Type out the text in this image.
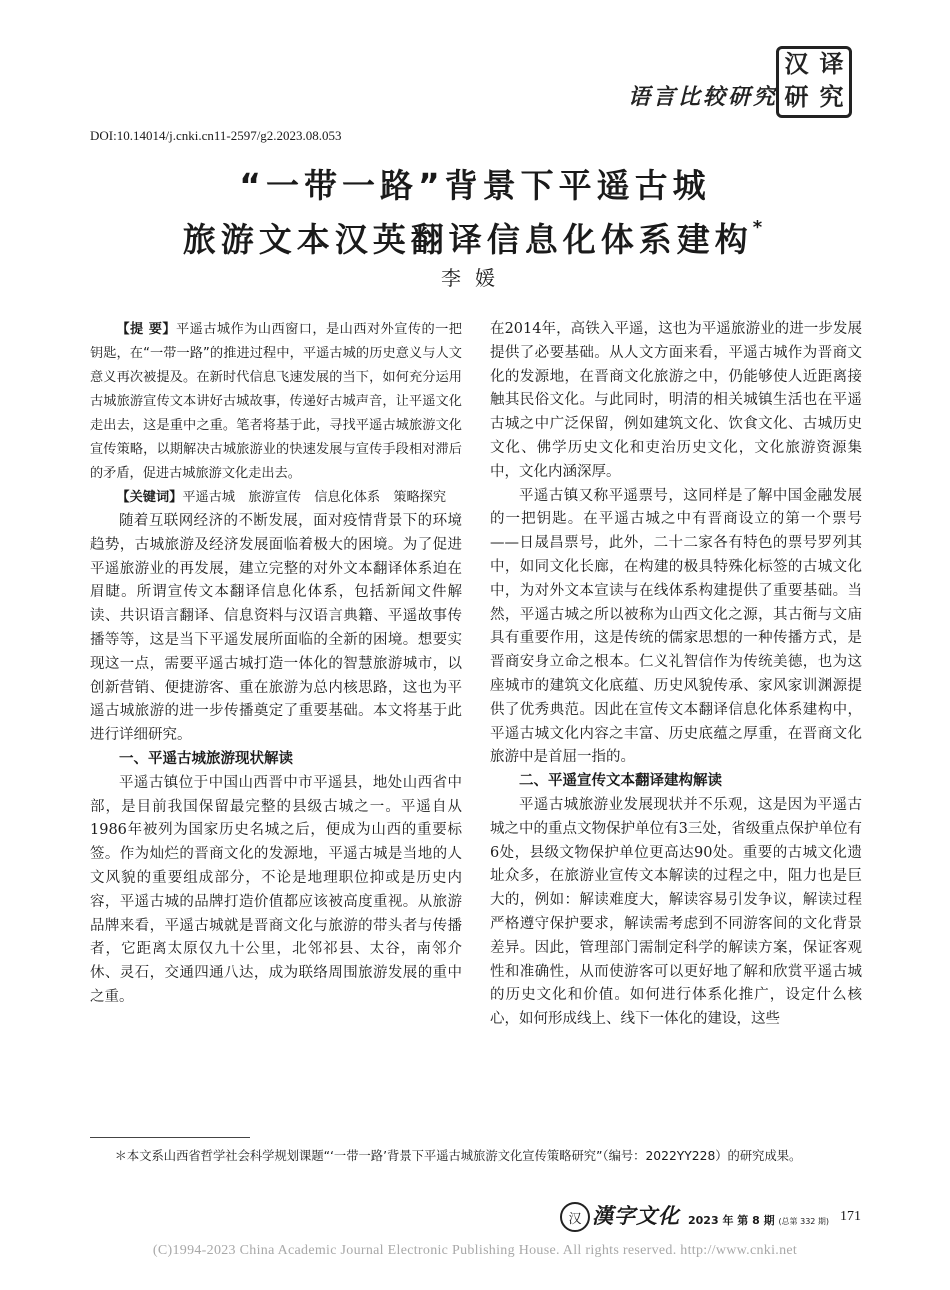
语言比较研究
汉 译
研 究
DOI:10.14014/j.cnki.cn11-2597/g2.2023.08.053
“一带一路”背景下平遥古城
旅游文本汉英翻译信息化体系建构*
李媛

【提 要】平遥古城作为山西窗口，是山西对外宣传的一把钥匙，在“一带一路”的推进过程中，平遥古城的历史意义与人文意义再次被提及。在新时代信息飞速发展的当下，如何充分运用古城旅游宣传文本讲好古城故事，传递好古城声音，让平遥文化走出去，这是重中之重。笔者将基于此，寻找平遥古城旅游文化宣传策略，以期解决古城旅游业的快速发展与宣传手段相对滞后的矛盾，促进古城旅游文化走出去。

【关键词】平遥古城　旅游宣传　信息化体系　策略探究

随着互联网经济的不断发展，面对疫情背景下的环境趋势，古城旅游及经济发展面临着极大的困境。为了促进平遥旅游业的再发展，建立完整的对外文本翻译体系迫在眉睫。所谓宣传文本翻译信息化体系，包括新闻文件解读、共识语言翻译、信息资料与汉语言典籍、平遥故事传播等等，这是当下平遥发展所面临的全新的困境。想要实现这一点，需要平遥古城打造一体化的智慧旅游城市，以创新营销、便捷游客、重在旅游为总内核思路，这也为平遥古城旅游的进一步传播奠定了重要基础。本文将基于此进行详细研究。

一、平遥古城旅游现状解读

平遥古镇位于中国山西晋中市平遥县，地处山西省中部，是目前我国保留最完整的县级古城之一。平遥自从1986年被列为国家历史名城之后，便成为山西的重要标签。作为灿烂的晋商文化的发源地，平遥古城是当地的人文风貌的重要组成部分，不论是地理职位抑或是历史内容，平遥古城的品牌打造价值都应该被高度重视。从旅游品牌来看，平遥古城就是晋商文化与旅游的带头者与传播者，它距离太原仅九十公里，北邻祁县、太谷，南邻介休、灵石，交通四通八达，成为联络周围旅游发展的重中之重。

在2014年，高铁入平遥，这也为平遥旅游业的进一步发展提供了必要基础。从人文方面来看，平遥古城作为晋商文化的发源地，在晋商文化旅游之中，仍能够使人近距离接触其民俗文化。与此同时，明清的相关城镇生活也在平遥古城之中广泛保留，例如建筑文化、饮食文化、古城历史文化、佛学历史文化和吏治历史文化，文化旅游资源集中，文化内涵深厚。

平遥古镇又称平遥票号，这同样是了解中国金融发展的一把钥匙。在平遥古城之中有晋商设立的第一个票号——日晟昌票号，此外，二十二家各有特色的票号罗列其中，如同文化长廊，在构建的极具特殊化标签的古城文化中，为对外文本宣读与在线体系构建提供了重要基础。当然，平遥古城之所以被称为山西文化之源，其古衙与文庙具有重要作用，这是传统的儒家思想的一种传播方式，是晋商安身立命之根本。仁义礼智信作为传统美德，也为这座城市的建筑文化底蕴、历史风貌传承、家风家训渊源提供了优秀典范。因此在宣传文本翻译信息化体系建构中，平遥古城文化内容之丰富、历史底蕴之厚重，在晋商文化旅游中是首屈一指的。

二、平遥宣传文本翻译建构解读

平遥古城旅游业发展现状并不乐观，这是因为平遥古城之中的重点文物保护单位有3三处，省级重点保护单位有6处，县级文物保护单位更高达90处。重要的古城文化遗址众多，在旅游业宣传文本解读的过程之中，阻力也是巨大的，例如：解读难度大，解读容易引发争议，解读过程严格遵守保护要求，解读需考虑到不同游客间的文化背景差异。因此，管理部门需制定科学的解读方案，保证客观性和准确性，从而使游客可以更好地了解和欣赏平遥古城的历史文化和价值。如何进行体系化推广，设定什么核心，如何形成线上、线下一体化的建设，这些

＊本文系山西省哲学社会科学规划课题“‘一带一路’背景下平遥古城旅游文化宣传策略研究”（编号：2022YY228）的研究成果。
汉 漢字文化 2023 年 第 8 期 (总第 332 期) 171
(C)1994-2023 China Academic Journal Electronic Publishing House. All rights reserved. http://www.cnki.net
